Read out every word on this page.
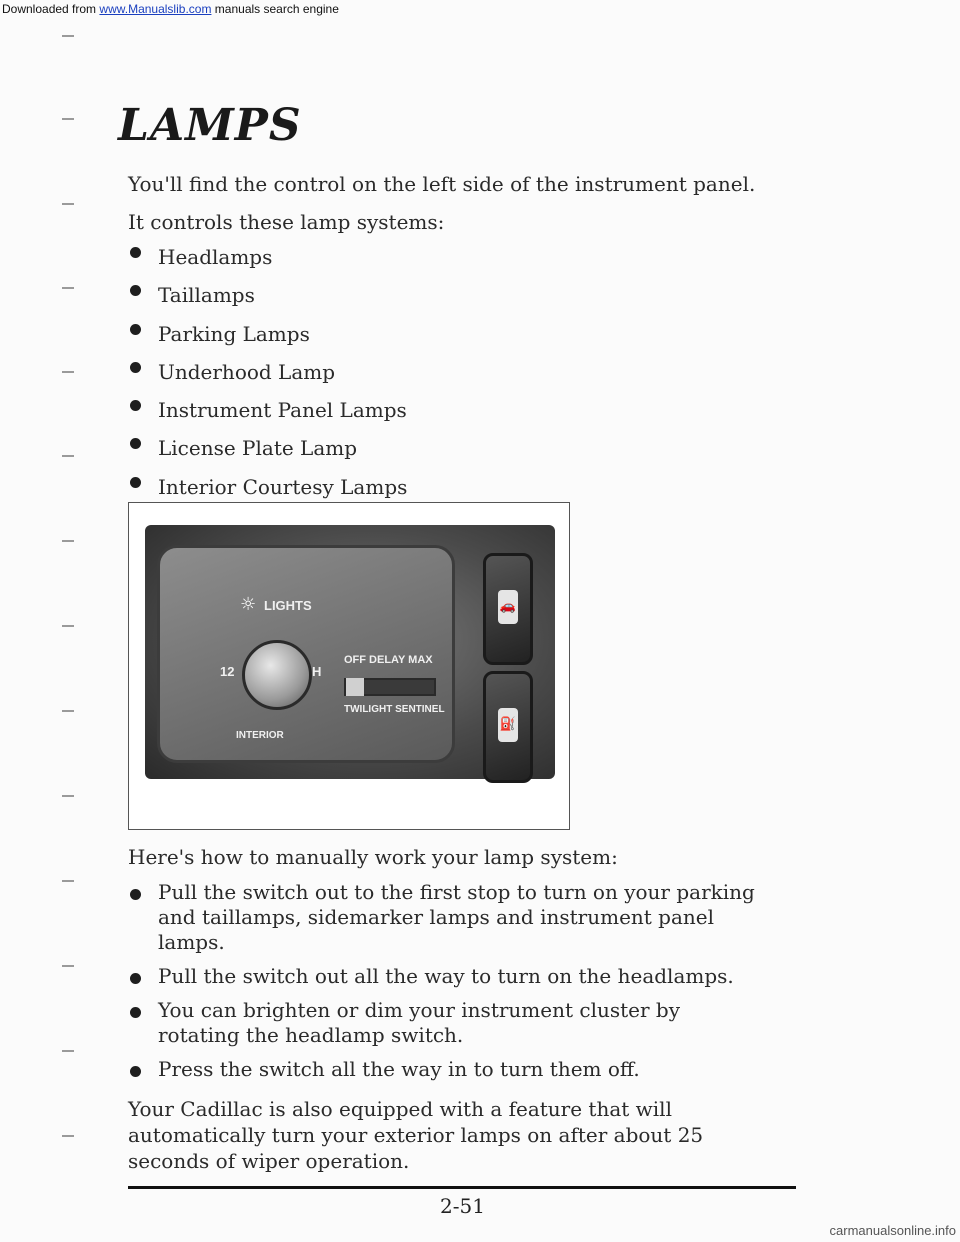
Downloaded from www.Manualslib.com manuals search engine
LAMPS

You'll find the control on the left side of the instrument panel.

It controls these lamp systems:

Headlamps
Taillamps
Parking Lamps
Underhood Lamp
Instrument Panel Lamps
License Plate Lamp
Interior Courtesy Lamps
☼ LIGHTS
12	H
OFF DELAY MAX
TWILIGHT SENTINEL
INTERIOR
🚗
⛽

Here's how to manually work your lamp system:

Pull the switch out to the first stop to turn on your parking and taillamps, sidemarker lamps and instrument panel lamps.
Pull the switch out all the way to turn on the headlamps.
You can brighten or dim your instrument cluster by rotating the headlamp switch.
Press the switch all the way in to turn them off.

Your Cadillac is also equipped with a feature that will automatically turn your exterior lamps on after about 25 seconds of wiper operation.

2-51

carmanualsonline.info
